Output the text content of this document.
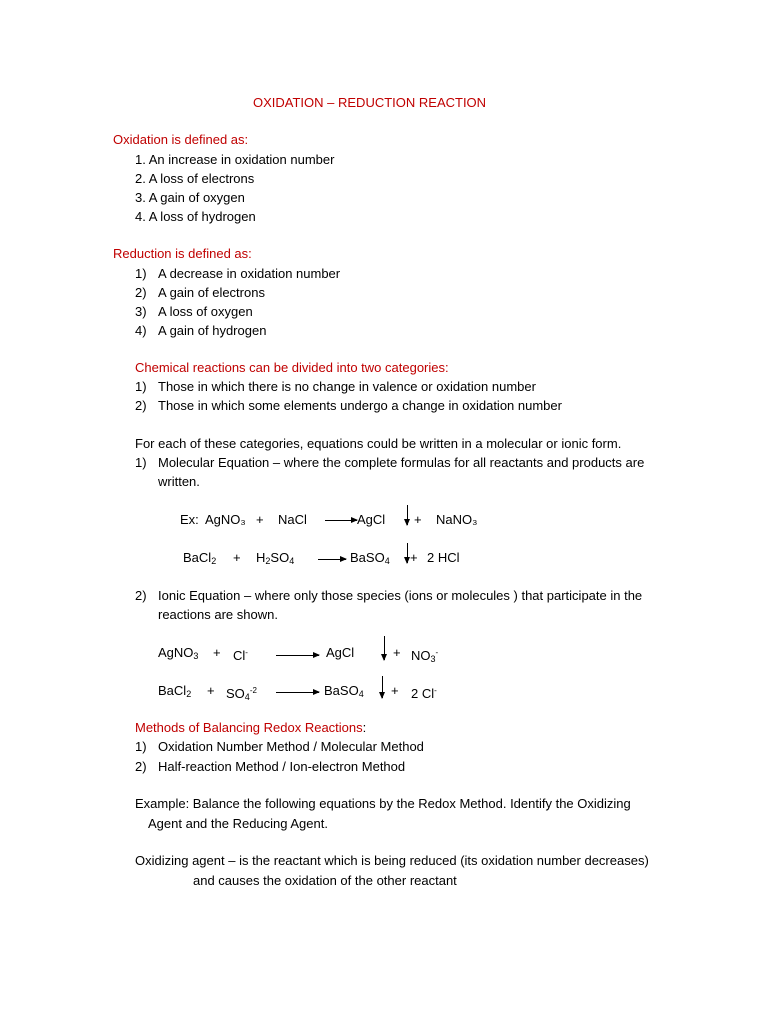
OXIDATION – REDUCTION REACTION
Oxidation is defined as:
1. An increase in oxidation number
2. A loss of electrons
3. A gain of oxygen
4. A loss of hydrogen
Reduction is defined as:
1) A decrease in oxidation number
2) A gain of electrons
3) A loss of oxygen
4) A gain of hydrogen
Chemical reactions can be divided into two categories:
1) Those in which there is no change in valence or oxidation number
2) Those in which some elements undergo a change in oxidation number
For each of these categories, equations could be written in a molecular or ionic form.
1) Molecular Equation – where the complete formulas for all reactants and products are
written.
Ex: AgNO₃ + NaCl → AgCl + NaNO₃
BaCl$_2$ + $H_2SO_4$ → BaSO$_4$ + 2 HCl
2) Ionic Equation – where only those species (ions or molecules ) that participate in the
reactions are shown.
AgNO$_3$ + Cl- → AgCl	+ $NO_3^-$
BaCl$_2$ + $SO_4^{-2}$ → BaSO$_4$ + 2 Cl-
Methods of Balancing Redox Reactions:
1) Oxidation Number Method / Molecular Method
2) Half-reaction Method / Ion-electron Method
Example: Balance the following equations by the Redox Method. Identify the Oxidizing
Agent and the Reducing Agent.
Oxidizing agent – is the reactant which is being reduced (its oxidation number decreases)
and causes the oxidation of the other reactant
